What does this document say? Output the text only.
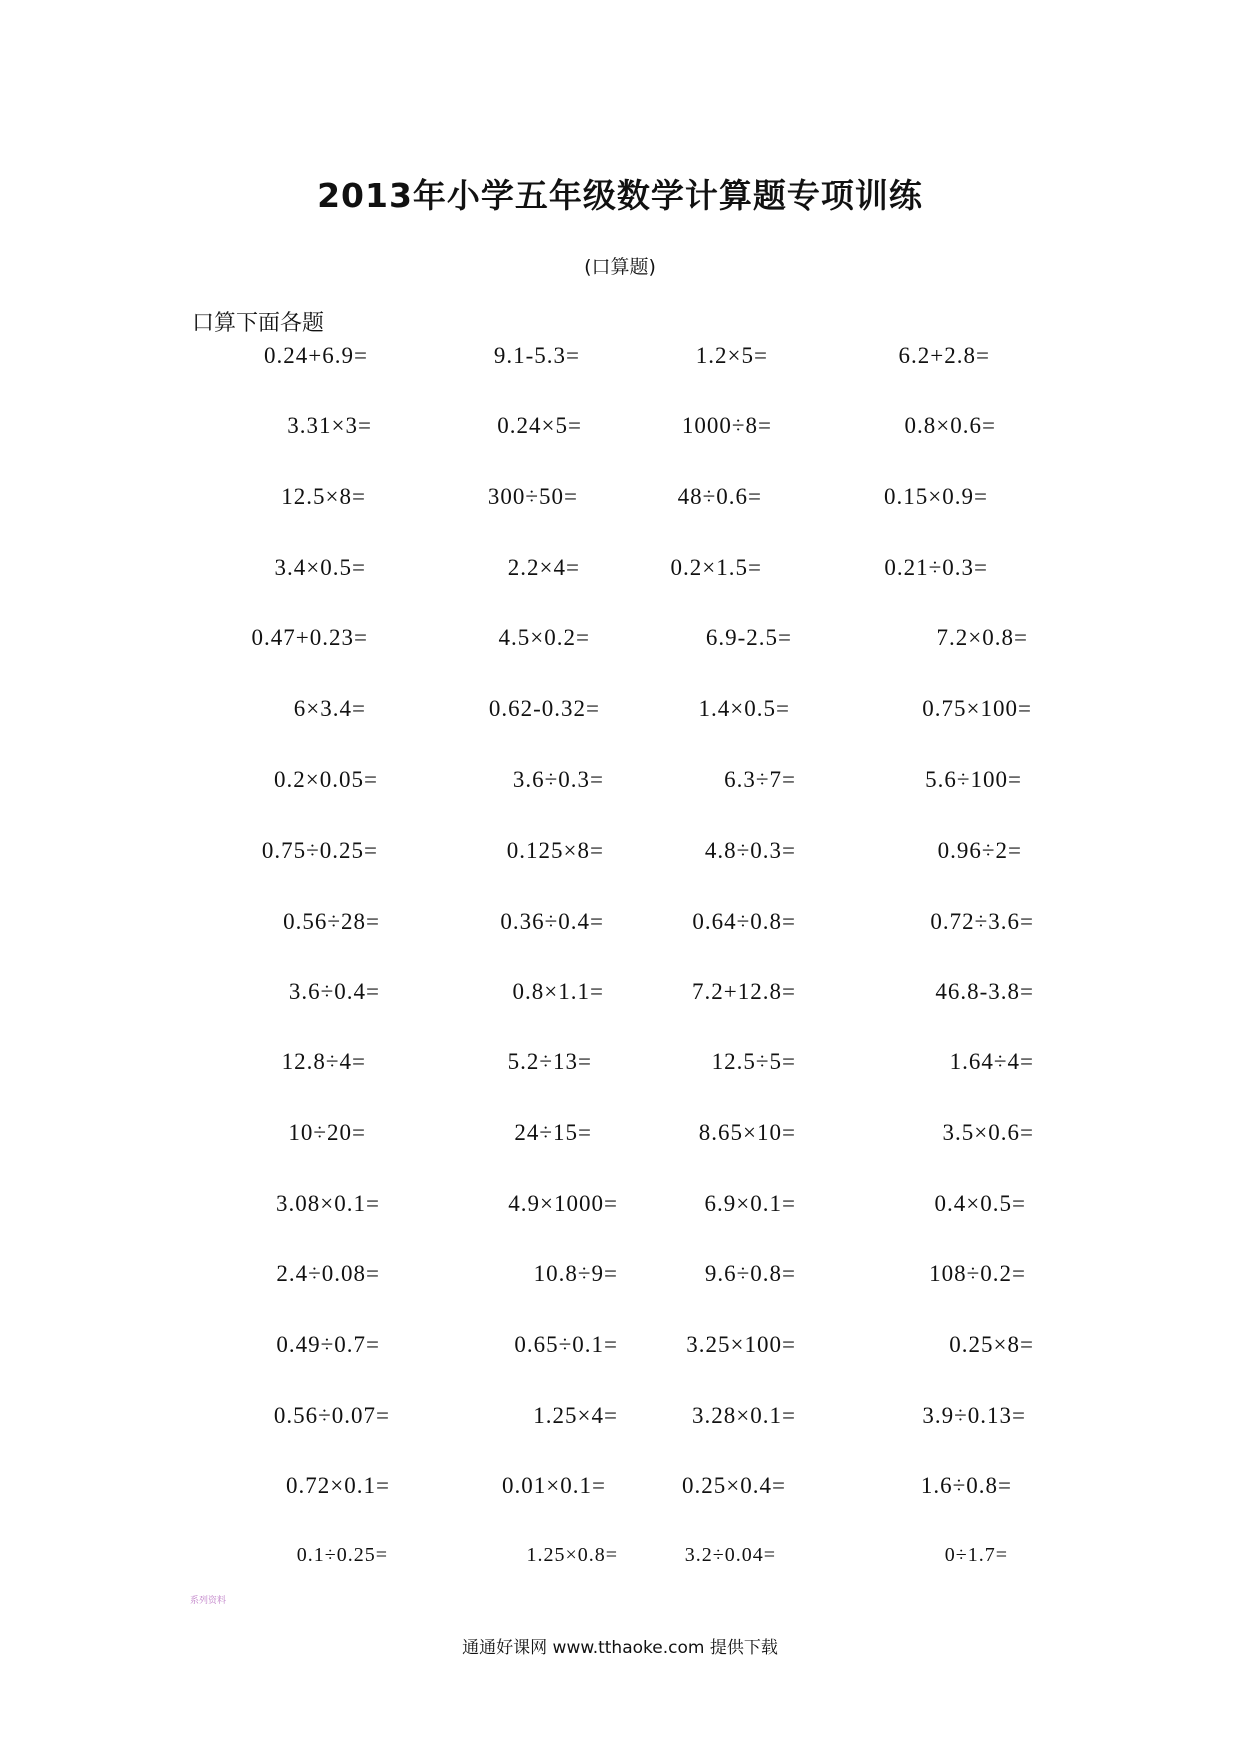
2013年小学五年级数学计算题专项训练
(口算题)
口算下面各题
0.24+6.9=	9.1-5.3=	1.2×5=	6.2+2.8=
3.31×3=	0.24×5=	1000÷8=	0.8×0.6=
12.5×8=	300÷50=	48÷0.6=	0.15×0.9=
3.4×0.5=	2.2×4=	0.2×1.5=	0.21÷0.3=
0.47+0.23=	4.5×0.2=	6.9-2.5=	7.2×0.8=
6×3.4=	0.62-0.32=	1.4×0.5=	0.75×100=
0.2×0.05=	3.6÷0.3=	6.3÷7=	5.6÷100=
0.75÷0.25=	0.125×8=	4.8÷0.3=	0.96÷2=
0.56÷28=	0.36÷0.4=	0.64÷0.8=	0.72÷3.6=
3.6÷0.4=	0.8×1.1=	7.2+12.8=	46.8-3.8=
12.8÷4=	5.2÷13=	12.5÷5=	1.64÷4=
10÷20=	24÷15=	8.65×10=	3.5×0.6=
3.08×0.1=	4.9×1000=	6.9×0.1=	0.4×0.5=
2.4÷0.08=	10.8÷9=	9.6÷0.8=	108÷0.2=
0.49÷0.7=	0.65÷0.1=	3.25×100=	0.25×8=
0.56÷0.07=	1.25×4=	3.28×0.1=	3.9÷0.13=
0.72×0.1=	0.01×0.1=	0.25×0.4=	1.6÷0.8=
0.1÷0.25=	1.25×0.8=	3.2÷0.04=	0÷1.7=
系列资料
通通好课网 www.tthaoke.com 提供下载
